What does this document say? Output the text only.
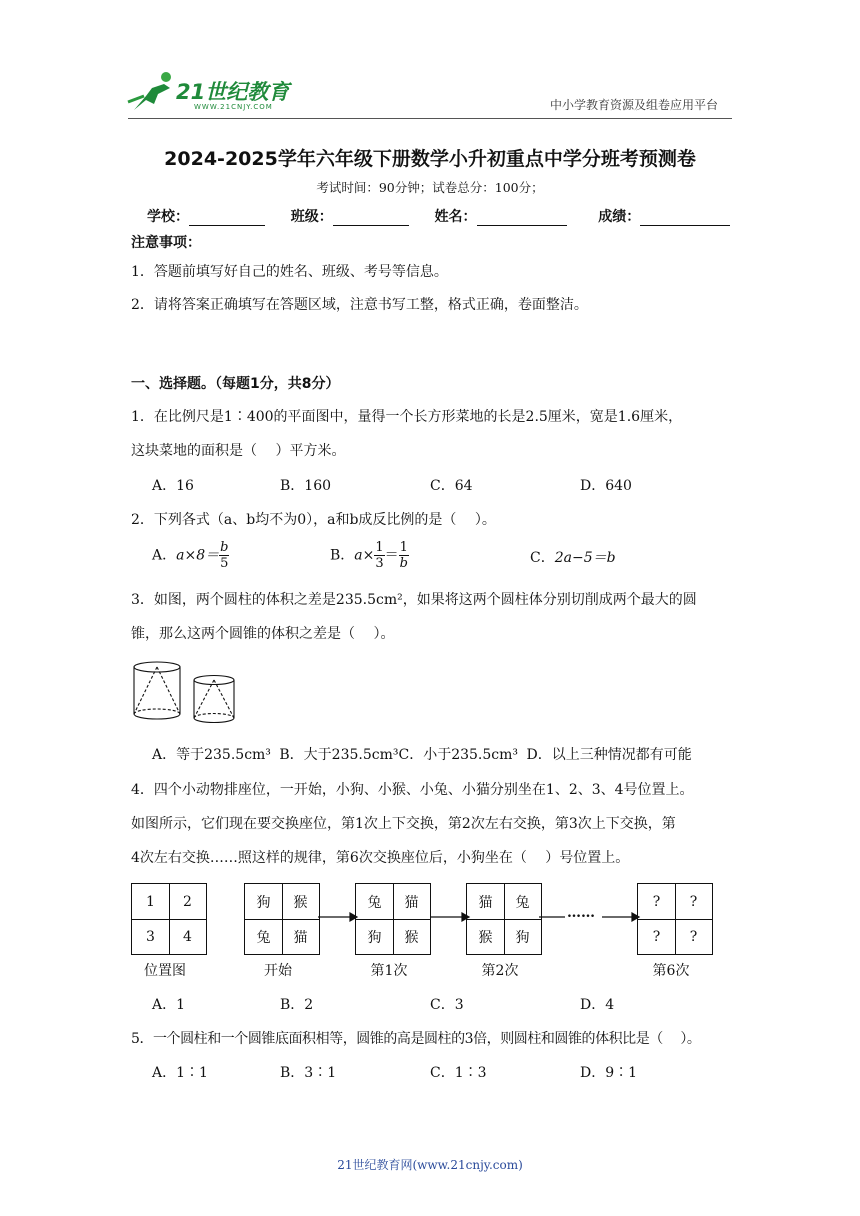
21世纪教育
WWW.21CNJY.COM	中小学教育资源及组卷应用平台
2024-2025学年六年级下册数学小升初重点中学分班考预测卷
考试时间：90分钟；试卷总分：100分；
学校：	班级：	姓名：	成绩：
注意事项：
1．答题前填写好自己的姓名、班级、考号等信息。
2．请将答案正确填写在答题区域，注意书写工整，格式正确，卷面整洁。
一、选择题。（每题1分，共8分）
1．在比例尺是1∶400的平面图中，量得一个长方形菜地的长是2.5厘米，宽是1.6厘米，
这块菜地的面积是（　 ）平方米。
A．16	B．160	C．64	D．640
2．下列各式（a、b均不为0），a和b成反比例的是（　 ）。
A．$a\times 8= \frac{b}{5}$	B．$a\times \frac{1}{3} = \frac{1}{b}$	C．2a−5＝b
3．如图，两个圆柱的体积之差是235.5cm²，如果将这两个圆柱体分别切削成两个最大的圆
锥，那么这两个圆锥的体积之差是（　 ）。
A．等于235.5cm³ B．大于235.5cm³C．小于235.5cm³ D．以上三种情况都有可能
4．四个小动物排座位，一开始，小狗、小猴、小兔、小猫分别坐在1、2、3、4号位置上。
如图所示，它们现在要交换座位，第1次上下交换，第2次左右交换，第3次上下交换，第
4次左右交换……照这样的规律，第6次交换座位后，小狗坐在（　 ）号位置上。
1	2
3	4
位置图
狗	猴
兔	猫
开始
兔	猫
狗	猴
第1次
猫	兔
猴	狗
第2次
?	?
?	?
第6次
……
A．1	B．2	C．3	D．4
5．一个圆柱和一个圆锥底面积相等，圆锥的高是圆柱的3倍，则圆柱和圆锥的体积比是（　 ）。
A．1∶1	B．3∶1	C．1∶3	D．9∶1
21世纪教育网(www.21cnjy.com)
